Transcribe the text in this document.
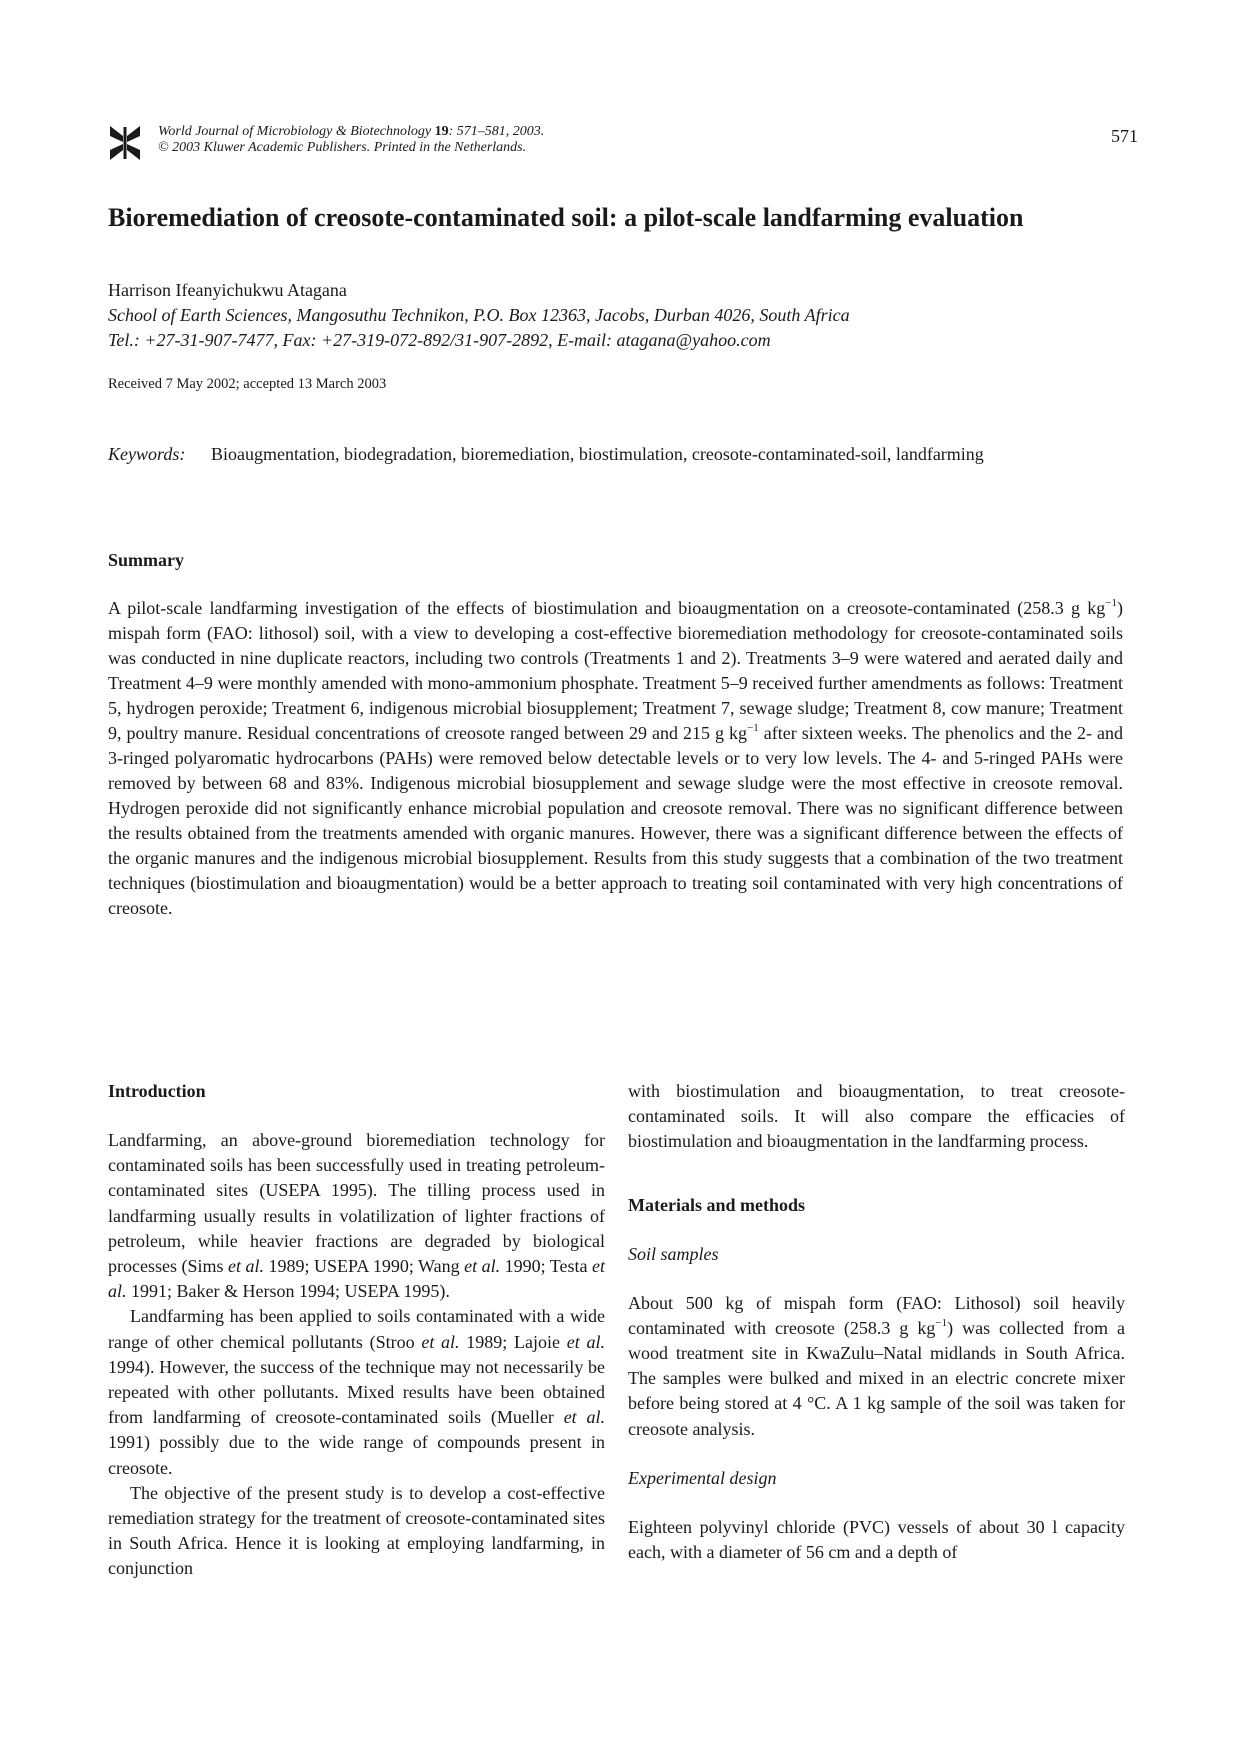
World Journal of Microbiology & Biotechnology 19: 571–581, 2003.
© 2003 Kluwer Academic Publishers. Printed in the Netherlands.
571
Bioremediation of creosote-contaminated soil: a pilot-scale landfarming evaluation
Harrison Ifeanyichukwu Atagana
School of Earth Sciences, Mangosuthu Technikon, P.O. Box 12363, Jacobs, Durban 4026, South Africa
Tel.: +27-31-907-7477, Fax: +27-319-072-892/31-907-2892, E-mail: atagana@yahoo.com
Received 7 May 2002; accepted 13 March 2003
Keywords: Bioaugmentation, biodegradation, bioremediation, biostimulation, creosote-contaminated-soil, landfarming
Summary

A pilot-scale landfarming investigation of the effects of biostimulation and bioaugmentation on a creosote-contaminated (258.3 g $kg^{-1}$) mispah form (FAO: lithosol) soil, with a view to developing a cost-effective bioremediation methodology for creosote-contaminated soils was conducted in nine duplicate reactors, including two controls (Treatments 1 and 2). Treatments 3–9 were watered and aerated daily and Treatment 4–9 were monthly amended with mono-ammonium phosphate. Treatment 5–9 received further amendments as follows: Treatment 5, hydrogen peroxide; Treatment 6, indigenous microbial biosupplement; Treatment 7, sewage sludge; Treatment 8, cow manure; Treatment 9, poultry manure. Residual concentrations of creosote ranged between 29 and 215 g $kg^{-1}$ after sixteen weeks. The phenolics and the 2- and 3-ringed polyaromatic hydrocarbons (PAHs) were removed below detectable levels or to very low levels. The 4- and 5-ringed PAHs were removed by between 68 and 83%. Indigenous microbial biosupplement and sewage sludge were the most effective in creosote removal. Hydrogen peroxide did not significantly enhance microbial population and creosote removal. There was no significant difference between the results obtained from the treatments amended with organic manures. However, there was a significant difference between the effects of the organic manures and the indigenous microbial biosupplement. Results from this study suggests that a combination of the two treatment techniques (biostimulation and bioaugmentation) would be a better approach to treating soil contaminated with very high concentrations of creosote.

Introduction

Landfarming, an above-ground bioremediation technology for contaminated soils has been successfully used in treating petroleum-contaminated sites (USEPA 1995). The tilling process used in landfarming usually results in volatilization of lighter fractions of petroleum, while heavier fractions are degraded by biological processes (Sims et al. 1989; USEPA 1990; Wang et al. 1990; Testa et al. 1991; Baker & Herson 1994; USEPA 1995).

Landfarming has been applied to soils contaminated with a wide range of other chemical pollutants (Stroo et al. 1989; Lajoie et al. 1994). However, the success of the technique may not necessarily be repeated with other pollutants. Mixed results have been obtained from landfarming of creosote-contaminated soils (Mueller et al. 1991) possibly due to the wide range of compounds present in creosote.

The objective of the present study is to develop a cost-effective remediation strategy for the treatment of creosote-contaminated sites in South Africa. Hence it is looking at employing landfarming, in conjunction

with biostimulation and bioaugmentation, to treat creosote-contaminated soils. It will also compare the efficacies of biostimulation and bioaugmentation in the landfarming process.

Materials and methods
Soil samples

About 500 kg of mispah form (FAO: Lithosol) soil heavily contaminated with creosote (258.3 g $kg^{-1}$) was collected from a wood treatment site in KwaZulu–Natal midlands in South Africa. The samples were bulked and mixed in an electric concrete mixer before being stored at 4 °C. A 1 kg sample of the soil was taken for creosote analysis.

Experimental design

Eighteen polyvinyl chloride (PVC) vessels of about 30 l capacity each, with a diameter of 56 cm and a depth of
